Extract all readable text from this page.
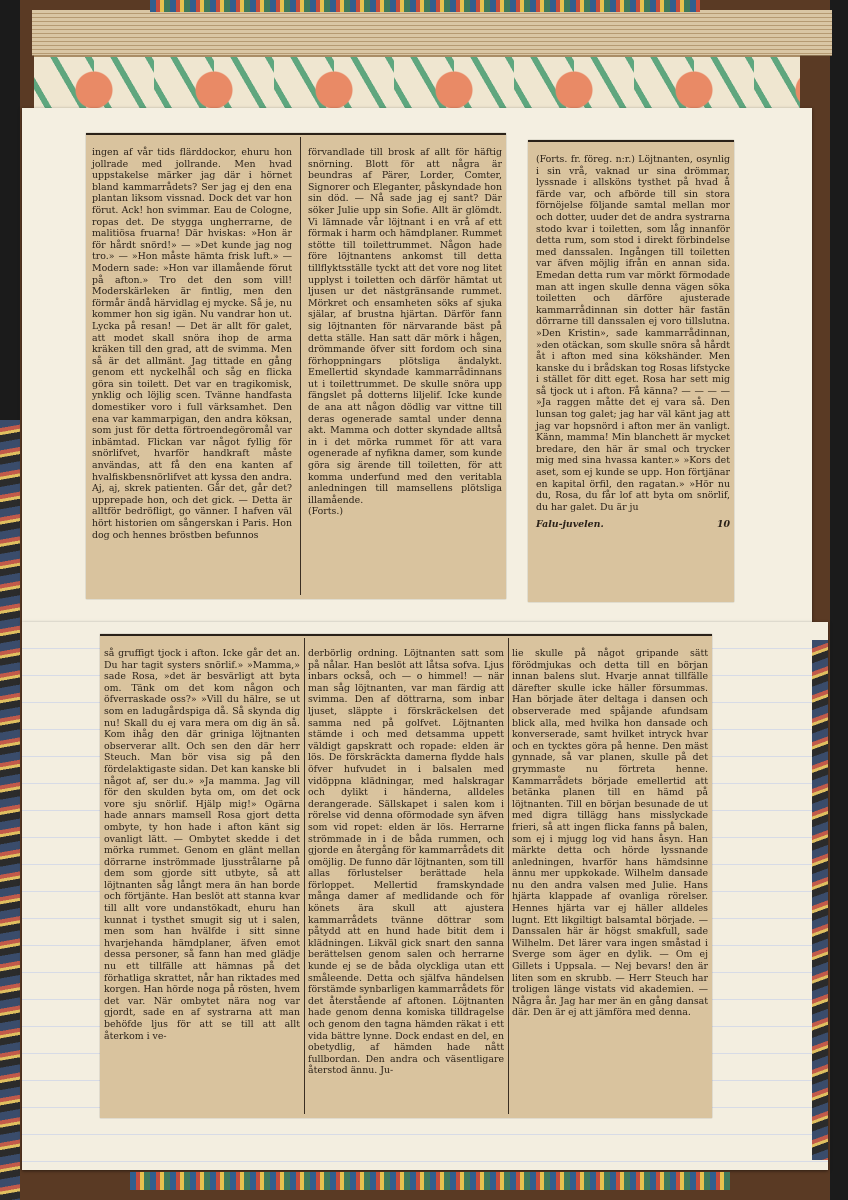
ingen af vår tids flärddockor, ehuru hon jollrade med jollrande. Men hvad uppstakelse märker jag där i hörnet bland kammarrådets? Ser jag ej den ena plantan liksom vissnad. Dock det var hon förut. Ack! hon svimmar. Eau de Cologne, ropas det. De stygga ungherrarne, de malitiösa fruarna! Där hviskas: »Hon är för hårdt snörd!» — »Det kunde jag nog tro.» — »Hon måste hämta frisk luft.» — Modern sade: »Hon var illamående förut på afton.» Tro det den som vill! Moderskärleken är fintlig, men den förmår ändå härvidlag ej mycke. Så je, nu kommer hon sig igän. Nu vandrar hon ut. Lycka på resan! — Det är allt för galet, att modet skall snöra ihop de arma kräken till den grad, att de svimma. Men så är det allmänt. Jag tittade en gång genom ett nyckelhål och såg en flicka göra sin toilett. Det var en tragikomisk, ynklig och löjlig scen. Tvänne handfasta domestiker voro i full värksamhet. Den ena var kammarpigan, den andra köksan, som just för detta förtroendegöromål var inbämtad. Flickan var något fyllig för snörlifvet, hvarför handkraft måste användas, att få den ena kanten af hvalfiskbensnörlifvet att kyssa den andra. Aj, aj, skrek patienten. Går det, går det? upprepade hon, och det gick. — Detta är alltför bedröfligt, go vänner. I hafven väl hört historien om sångerskan i Paris. Hon dog och hennes bröstben befunnos

förvandlade till brosk af allt för häftig snörning. Blott för att några är beundras af Pärer, Lorder, Comter, Signorer och Eleganter, påskyndade hon sin död. — Nå sade jag ej sant? Där söker Julie upp sin Sofie. Allt är glömdt. Vi lämnade vår löjtnant i en vrå af ett förmak i harm och hämdplaner. Rummet stötte till toilettrummet. Någon hade före löjtnantens ankomst till detta tillflyktsställe tyckt att det vore nog litet upplyst i toiletten och därför hämtat ut ljusen ur det nästgränsande rummet. Mörkret och ensamheten söks af sjuka själar, af brustna hjärtan. Därför fann sig löjtnanten för närvarande bäst på detta ställe. Han satt där mörk i hågen, drömmande öfver sitt fordom och sina förhoppningars plötsliga ändalykt. Emellertid skyndade kammarrådinnans ut i toilettrummet. De skulle snöra upp fängslet på dotterns liljelif. Icke kunde de ana att någon dödlig var vittne till deras ogenerade samtal under denna akt. Mamma och dotter skyndade alltså in i det mörka rummet för att vara ogenerade af nyfikna damer, som kunde göra sig ärende till toiletten, för att komma underfund med den veritabla anledningen till mamsellens plötsliga illamående.

(Forts.)

(Forts. fr. föreg. n:r.) Löjtnanten, osynlig i sin vrå, vaknad ur sina drömmar, lyssnade i allsköns tysthet på hvad å färde var, och afbörde till sin stora förnöjelse följande samtal mellan mor och dotter, uuder det de andra systrarna stodo kvar i toiletten, som låg innanför detta rum, som stod i direkt förbindelse med danssalen. Ingången till toiletten var äfven möjlig ifrån en annan sida. Emedan detta rum var mörkt förmodade man att ingen skulle denna vägen söka toiletten och därföre ajusterade kammarrådinnan sin dotter här fastän dörrarne till danssalen ej voro tillslutna. »Den Kristin», sade kammarrådinnan, »den otäckan, som skulle snöra så hårdt åt i afton med sina kökshänder. Men kanske du i brådskan tog Rosas lifstycke i stället för ditt eget. Rosa har sett mig så tjock ut i afton. Få känna? — — — — »Ja raggen måtte det ej vara så. Den lunsan tog galet; jag har väl känt jag att jag var hopsnörd i afton mer än vanligt. Känn, mamma! Min blanchett är mycket bredare, den här är smal och trycker mig med sina hvassa kanter.» »Kors det aset, som ej kunde se upp. Hon förtjänar en kapital örfil, den ragatan.» »Hör nu du, Rosa, du får lof att byta om snörlif, du har galet. Du är ju

Falu-juvelen.	10

så gruffigt tjock i afton. Icke går det an. Du har tagit systers snörlif.» »Mamma,» sade Rosa, »det är besvärligt att byta om. Tänk om det kom någon och öfverraskade oss?» »Vill du hälre, se ut som en ladugårdspiga då. Så skynda dig nu! Skall du ej vara mera om dig än så. Kom ihåg den där griniga löjtnanten observerar allt. Och sen den där herr Steuch. Man bör visa sig på den fördelaktigaste sidan. Det kan kanske bli något af, ser du.» »Ja mamma. Jag vill för den skulden byta om, om det ock vore sju snörlif. Hjälp mig!» Ogärna hade annars mamsell Rosa gjort detta ombyte, ty hon hade i afton känt sig ovanligt lätt. — Ombytet skedde i det mörka rummet. Genom en glänt mellan dörrarne inströmmade ljusstrålarne på dem som gjorde sitt utbyte, så att löjtnanten såg långt mera än han borde och förtjänte. Han beslöt att stanna kvar till allt vore undanstökadt, ehuru han kunnat i tysthet smugit sig ut i salen, men som han hvälfde i sitt sinne hvarjehanda hämdplaner, äfven emot dessa personer, så fann han med glädje nu ett tillfälle att hämnas på det förhatliga skrattet, når han riktades med korgen. Han hörde noga på rösten, hvem det var. När ombytet nära nog var gjordt, sade en af systrarna att man behöfde ljus för att se till att allt återkom i ve-

derbörlig ordning. Löjtnanten satt som på nålar. Han beslöt att låtsa sofva. Ljus inbars också, och — o himmel! — när man såg löjtnanten, var man färdig att svimma. Den af döttrarna, som inbar ljuset, släppte i förskräckelsen det samma ned på golfvet. Löjtnanten stämde i och med detsamma uppett väldigt gapskratt och ropade: elden är lös. De förskräckta damerna flydde hals öfver hufvudet in i balsalen med vidöppna klädningar, med halskragar och dylikt i händerna, alldeles derangerade. Sällskapet i salen kom i rörelse vid denna oförmodade syn äfven som vid ropet: elden är lös. Herrarne strömmade in i de båda rummen, och gjorde en återgång för kammarrådets dit omöjlig. De funno där löjtnanten, som till allas förlustelser berättade hela förloppet. Mellertid framskyndade många damer af medlidande och för könets ära skull att ajustera kammarrådets tvänne döttrar som påtydd att en hund hade bitit dem i klädningen. Likväl gick snart den sanna berättelsen genom salen och herrarne kunde ej se de båda olyckliga utan ett småleende. Detta och själfva händelsen förstämde synbarligen kammarrådets för det återstående af aftonen. Löjtnanten hade genom denna komiska tilldragelse och genom den tagna hämden räkat i ett vida bättre lynne. Dock endast en del, en obetydlig, af hämden hade nått fullbordan. Den andra och väsentligare återstod ännu. Ju-

lie skulle på något gripande sätt förödmjukas och detta till en början innan balens slut. Hvarje annat tillfälle därefter skulle icke häller försummas. Han började äter deltaga i dansen och observerade med spåjande afundsam blick alla, med hvilka hon dansade och konverserade, samt hvilket intryck hvar och en tycktes göra på henne. Den mäst gynnade, så var planen, skulle på det grymmaste nu förtreta henne. Kammarrådets började emellertid att betänka planen till en hämd på löjtnanten. Till en början besunade de ut med digra tillägg hans misslyckade frieri, så att ingen flicka fanns på balen, som ej i mjugg log vid hans åsyn. Han märkte detta och hörde lyssnande anledningen, hvarför hans hämdsinne ännu mer uppkokade. Wilhelm dansade nu den andra valsen med Julie. Hans hjärta klappade af ovanliga rörelser. Hennes hjärta var ej häller alldeles lugnt. Ett likgiltigt balsamtal började. — Danssalen här är högst smakfull, sade Wilhelm. Det lärer vara ingen småstad i Sverge som äger en dylik. — Om ej Gillets i Uppsala. — Nej bevars! den är liten som en skrubb. — Herr Steuch har troligen länge vistats vid akademien. — Några år. Jag har mer än en gång dansat där. Den är ej att jämföra med denna.
